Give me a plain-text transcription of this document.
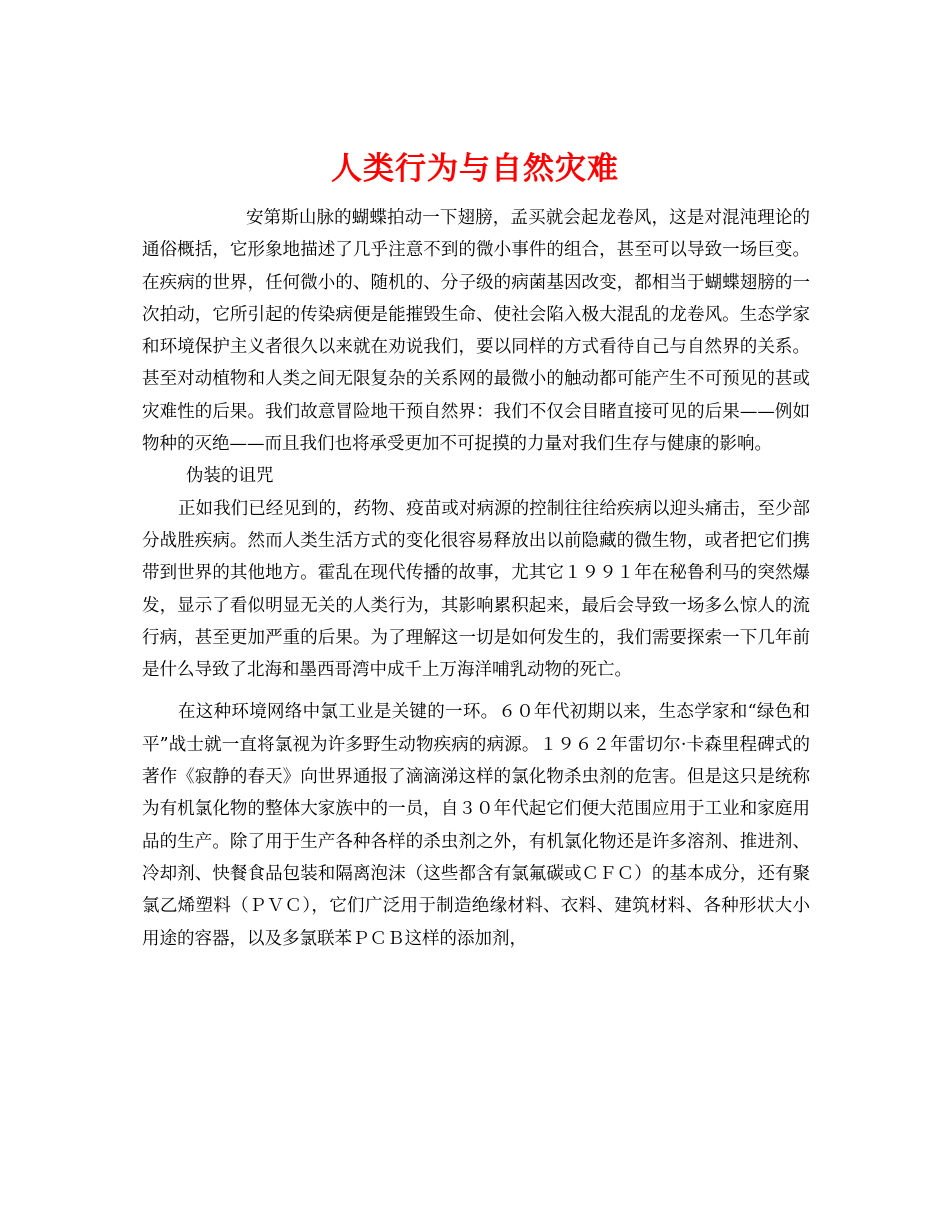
人类行为与自然灾难

安第斯山脉的蝴蝶拍动一下翅膀，孟买就会起龙卷风，这是对混沌理论的通俗概括，它形象地描述了几乎注意不到的微小事件的组合，甚至可以导致一场巨变。在疾病的世界，任何微小的、随机的、分子级的病菌基因改变，都相当于蝴蝶翅膀的一次拍动，它所引起的传染病便是能摧毁生命、使社会陷入极大混乱的龙卷风。生态学家和环境保护主义者很久以来就在劝说我们，要以同样的方式看待自己与自然界的关系。甚至对动植物和人类之间无限复杂的关系网的最微小的触动都可能产生不可预见的甚或灾难性的后果。我们故意冒险地干预自然界：我们不仅会目睹直接可见的后果——例如物种的灭绝——而且我们也将承受更加不可捉摸的力量对我们生存与健康的影响。

伪装的诅咒

正如我们已经见到的，药物、疫苗或对病源的控制往往给疾病以迎头痛击，至少部分战胜疾病。然而人类生活方式的变化很容易释放出以前隐藏的微生物，或者把它们携带到世界的其他地方。霍乱在现代传播的故事，尤其它１９９１年在秘鲁利马的突然爆发，显示了看似明显无关的人类行为，其影响累积起来，最后会导致一场多么惊人的流行病，甚至更加严重的后果。为了理解这一切是如何发生的，我们需要探索一下几年前是什么导致了北海和墨西哥湾中成千上万海洋哺乳动物的死亡。

在这种环境网络中氯工业是关键的一环。６０年代初期以来，生态学家和“绿色和平”战士就一直将氯视为许多野生动物疾病的病源。１９６２年雷切尔·卡森里程碑式的著作《寂静的春天》向世界通报了滴滴涕这样的氯化物杀虫剂的危害。但是这只是统称为有机氯化物的整体大家族中的一员，自３０年代起它们便大范围应用于工业和家庭用品的生产。除了用于生产各种各样的杀虫剂之外，有机氯化物还是许多溶剂、推进剂、冷却剂、快餐食品包装和隔离泡沫（这些都含有氯氟碳或ＣＦＣ）的基本成分，还有聚氯乙烯塑料（ＰＶＣ），它们广泛用于制造绝缘材料、衣料、建筑材料、各种形状大小用途的容器，以及多氯联苯ＰＣＢ这样的添加剂，
